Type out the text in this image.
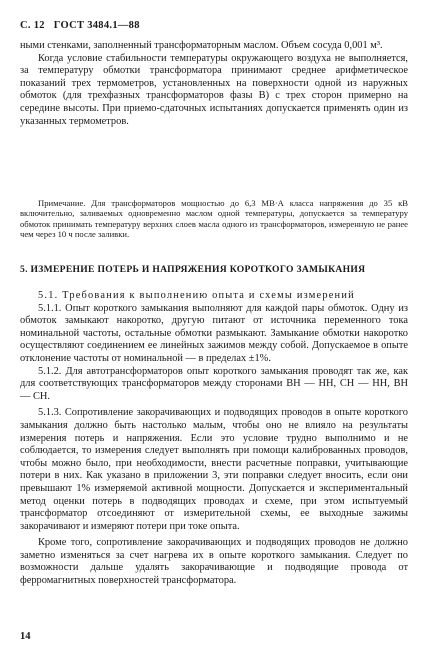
С. 12 ГОСТ 3484.1—88

ными стенками, заполненный трансформаторным маслом. Объем сосуда 0,001 м³.

Когда условие стабильности температуры окружающего воздуха не выполняется, за температуру обмотки трансформатора принимают среднее арифметическое показаний трех термометров, установленных на поверхности одной из наружных обмоток (для трехфазных трансформаторов фазы В) с трех сторон примерно на середине высоты. При приемо-сдаточных испытаниях допускается применять один из указанных термометров.

Примечание. Для трансформаторов мощностью до 6,3 МВ·А класса напряжения до 35 кВ включительно, заливаемых одновременно маслом одной температуры, допускается за температуру обмоток принимать температуру верхних слоев масла одного из трансформаторов, измеренную не ранее чем через 10 ч после заливки.
5. ИЗМЕРЕНИЕ ПОТЕРЬ И НАПРЯЖЕНИЯ КОРОТКОГО ЗАМЫКАНИЯ

5.1. Требования к выполнению опыта и схемы измерений

5.1.1. Опыт короткого замыкания выполняют для каждой пары обмоток. Одну из обмоток замыкают накоротко, другую питают от источника переменного тока номинальной частоты, остальные обмотки размыкают. Замыкание обмотки накоротко осуществляют соединением ее линейных зажимов между собой. Допускаемое в опыте отклонение частоты от номинальной — в пределах ±1%.

5.1.2. Для автотрансформаторов опыт короткого замыкания проводят так же, как для соответствующих трансформаторов между сторонами ВН — НН, СН — НН, ВН — СН.

5.1.3. Сопротивление закорачивающих и подводящих проводов в опыте короткого замыкания должно быть настолько малым, чтобы оно не влияло на результаты измерения потерь и напряжения. Если это условие трудно выполнимо и не соблюдается, то измерения следует выполнять при помощи калиброванных проводов, чтобы можно было, при необходимости, внести расчетные поправки, учитывающие потери в них. Как указано в приложении 3, эти поправки следует вносить, если они превышают 1% измеряемой активной мощности. Допускается и экспериментальный метод оценки потерь в подводящих проводах и схеме, при этом испытуемый трансформатор отсоединяют от измерительной схемы, ее выходные зажимы закорачивают и измеряют потери при токе опыта.

Кроме того, сопротивление закорачивающих и подводящих проводов не должно заметно изменяться за счет нагрева их в опыте короткого замыкания. Следует по возможности дальше удалять закорачивающие и подводящие провода от ферромагнитных поверхностей трансформатора.

14
